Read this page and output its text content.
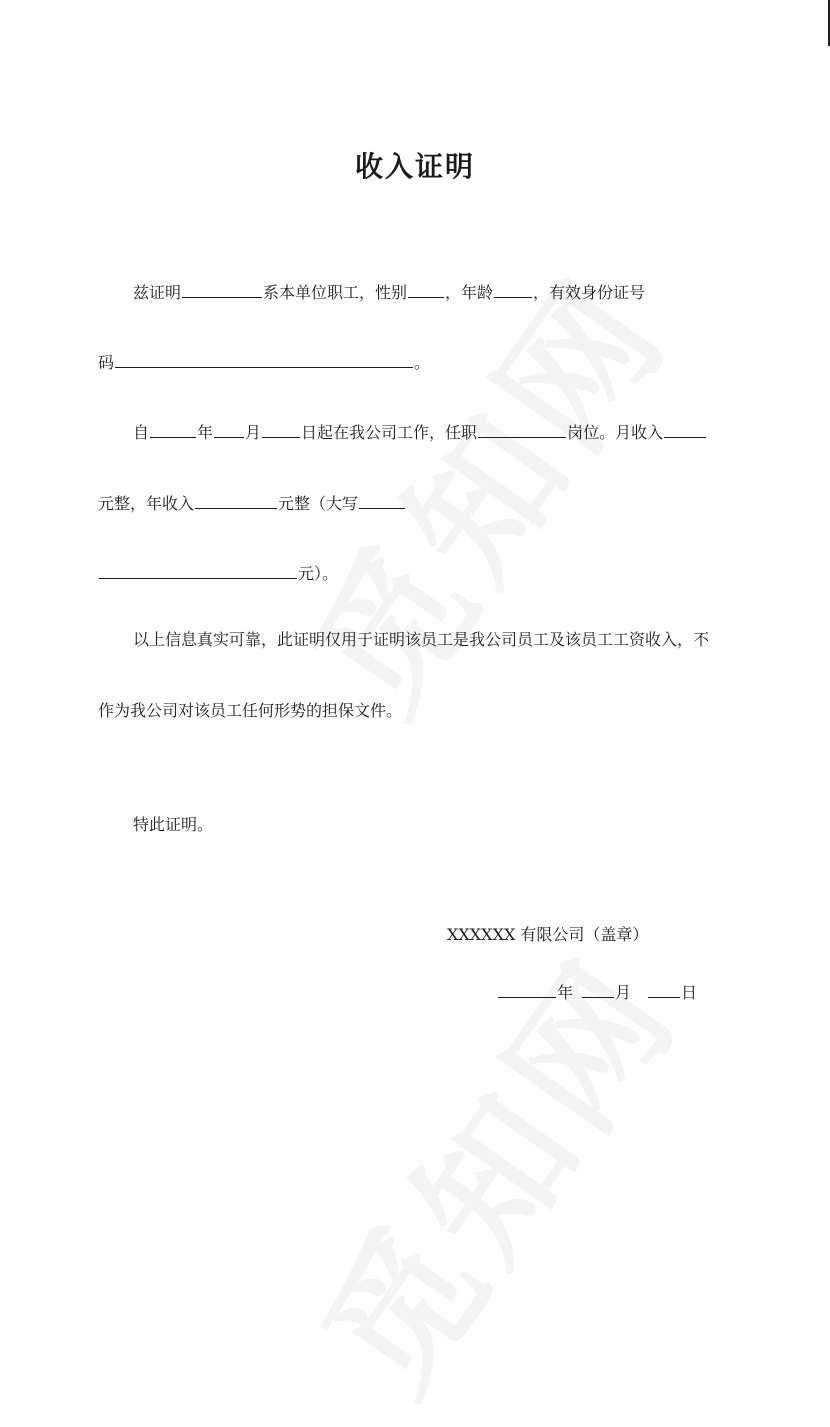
收入证明
兹证明	系本单位职工，性别 ，年龄	，有效身份证号
码	。
自	年 月	日起在我公司工作，任职	岗位。月收入
元整，年收入	元整（大写
元）。
以上信息真实可靠，此证明仅用于证明该员工是我公司员工及该员工工资收入，不
作为我公司对该员工任何形势的担保文件。
特此证明。
XXXXXX 有限公司（盖章）
年	月	日
